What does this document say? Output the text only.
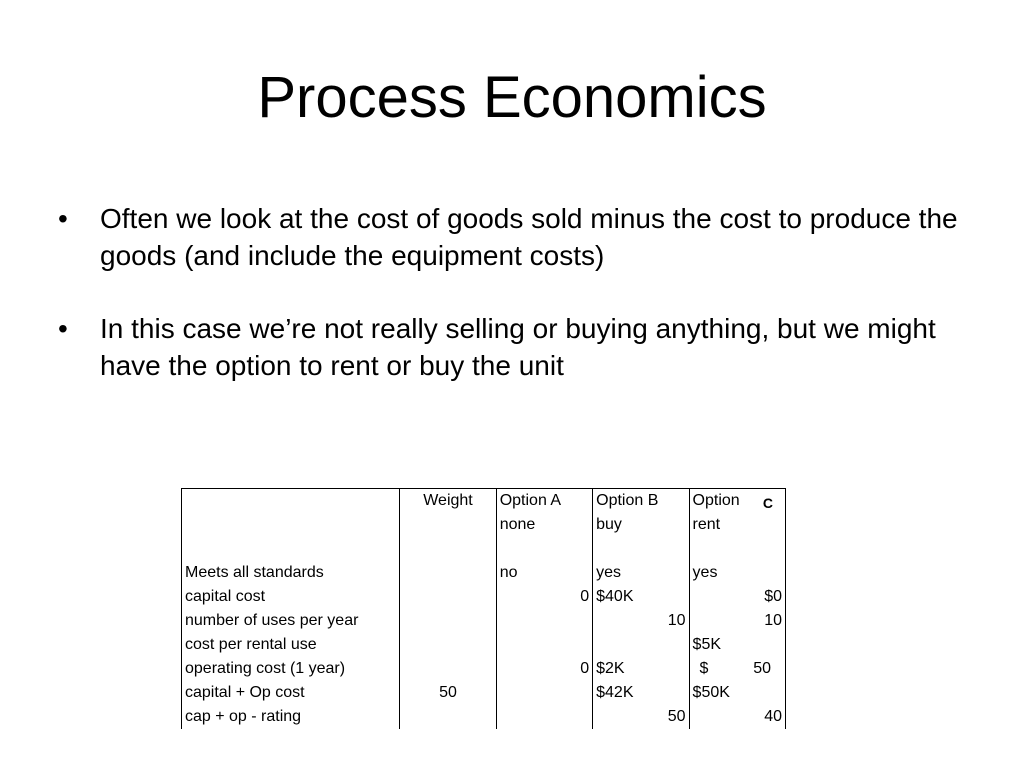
Process Economics
•	Often we look at the cost of goods sold minus the cost to produce the goods (and include the equipment costs)
•	In this case we’re not really selling or buying anything, but we might have the option to rent or buy the unit
	Weight	Option A	Option B	Option C

		none	buy	rent

Meets all standards		no	yes	yes
capital cost		0	$40K	$0
number of uses per year			10	10
cost per rental use				$5K
operating cost (1 year)		0	$2K	$ 50

capital + Op cost	50		$42K	$50K
cap + op - rating			50	40
